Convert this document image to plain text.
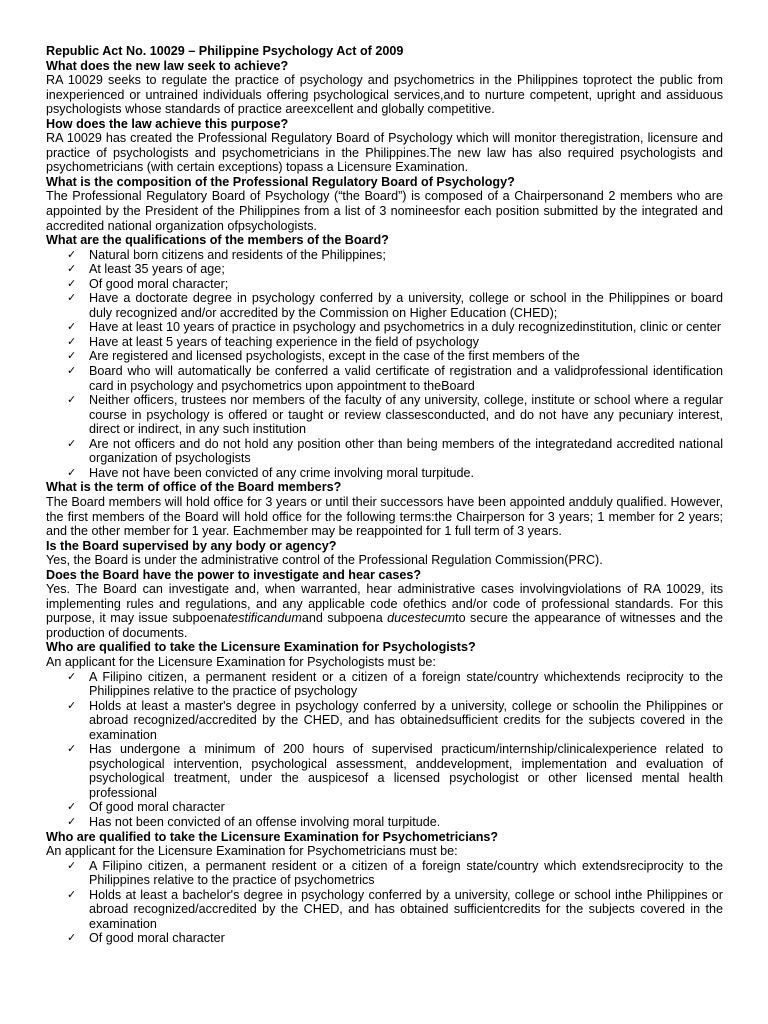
Republic Act No. 10029 – Philippine Psychology Act of 2009

What does the new law seek to achieve?

RA 10029 seeks to regulate the practice of psychology and psychometrics in the Philippines toprotect the public from inexperienced or untrained individuals offering psychological services,and to nurture competent, upright and assiduous psychologists whose standards of practice areexcellent and globally competitive.

How does the law achieve this purpose?

RA 10029 has created the Professional Regulatory Board of Psychology which will monitor theregistration, licensure and practice of psychologists and psychometricians in the Philippines.The new law has also required psychologists and psychometricians (with certain exceptions) topass a Licensure Examination.

What is the composition of the Professional Regulatory Board of Psychology?

The Professional Regulatory Board of Psychology (“the Board”) is composed of a Chairpersonand 2 members who are appointed by the President of the Philippines from a list of 3 nomineesfor each position submitted by the integrated and accredited national organization ofpsychologists.

What are the qualifications of the members of the Board?

✓ Natural born citizens and residents of the Philippines;
✓ At least 35 years of age;
✓ Of good moral character;
✓ Have a doctorate degree in psychology conferred by a university, college or school in the Philippines or board duly recognized and/or accredited by the Commission on Higher Education (CHED);
✓ Have at least 10 years of practice in psychology and psychometrics in a duly recognizedinstitution, clinic or center
✓ Have at least 5 years of teaching experience in the field of psychology
✓ Are registered and licensed psychologists, except in the case of the first members of the
✓ Board who will automatically be conferred a valid certificate of registration and a validprofessional identification card in psychology and psychometrics upon appointment to theBoard
✓ Neither officers, trustees nor members of the faculty of any university, college, institute or school where a regular course in psychology is offered or taught or review classesconducted, and do not have any pecuniary interest, direct or indirect, in any such institution
✓ Are not officers and do not hold any position other than being members of the integratedand accredited national organization of psychologists
✓ Have not have been convicted of any crime involving moral turpitude.

What is the term of office of the Board members?

The Board members will hold office for 3 years or until their successors have been appointed andduly qualified. However, the first members of the Board will hold office for the following terms:the Chairperson for 3 years; 1 member for 2 years; and the other member for 1 year. Eachmember may be reappointed for 1 full term of 3 years.

Is the Board supervised by any body or agency?

Yes, the Board is under the administrative control of the Professional Regulation Commission(PRC).

Does the Board have the power to investigate and hear cases?

Yes. The Board can investigate and, when warranted, hear administrative cases involvingviolations of RA 10029, its implementing rules and regulations, and any applicable code ofethics and/or code of professional standards. For this purpose, it may issue subpoenatestificandumand subpoena ducestecumto secure the appearance of witnesses and the production of documents.

Who are qualified to take the Licensure Examination for Psychologists?

An applicant for the Licensure Examination for Psychologists must be:

✓ A Filipino citizen, a permanent resident or a citizen of a foreign state/country whichextends reciprocity to the Philippines relative to the practice of psychology
✓ Holds at least a master's degree in psychology conferred by a university, college or schoolin the Philippines or abroad recognized/accredited by the CHED, and has obtainedsufficient credits for the subjects covered in the examination
✓ Has undergone a minimum of 200 hours of supervised practicum/internship/clinicalexperience related to psychological intervention, psychological assessment, anddevelopment, implementation and evaluation of psychological treatment, under the auspicesof a licensed psychologist or other licensed mental health professional
✓ Of good moral character
✓ Has not been convicted of an offense involving moral turpitude.

Who are qualified to take the Licensure Examination for Psychometricians?

An applicant for the Licensure Examination for Psychometricians must be:

✓ A Filipino citizen, a permanent resident or a citizen of a foreign state/country which extendsreciprocity to the Philippines relative to the practice of psychometrics
✓ Holds at least a bachelor's degree in psychology conferred by a university, college or school inthe Philippines or abroad recognized/accredited by the CHED, and has obtained sufficientcredits for the subjects covered in the examination
✓ Of good moral character
